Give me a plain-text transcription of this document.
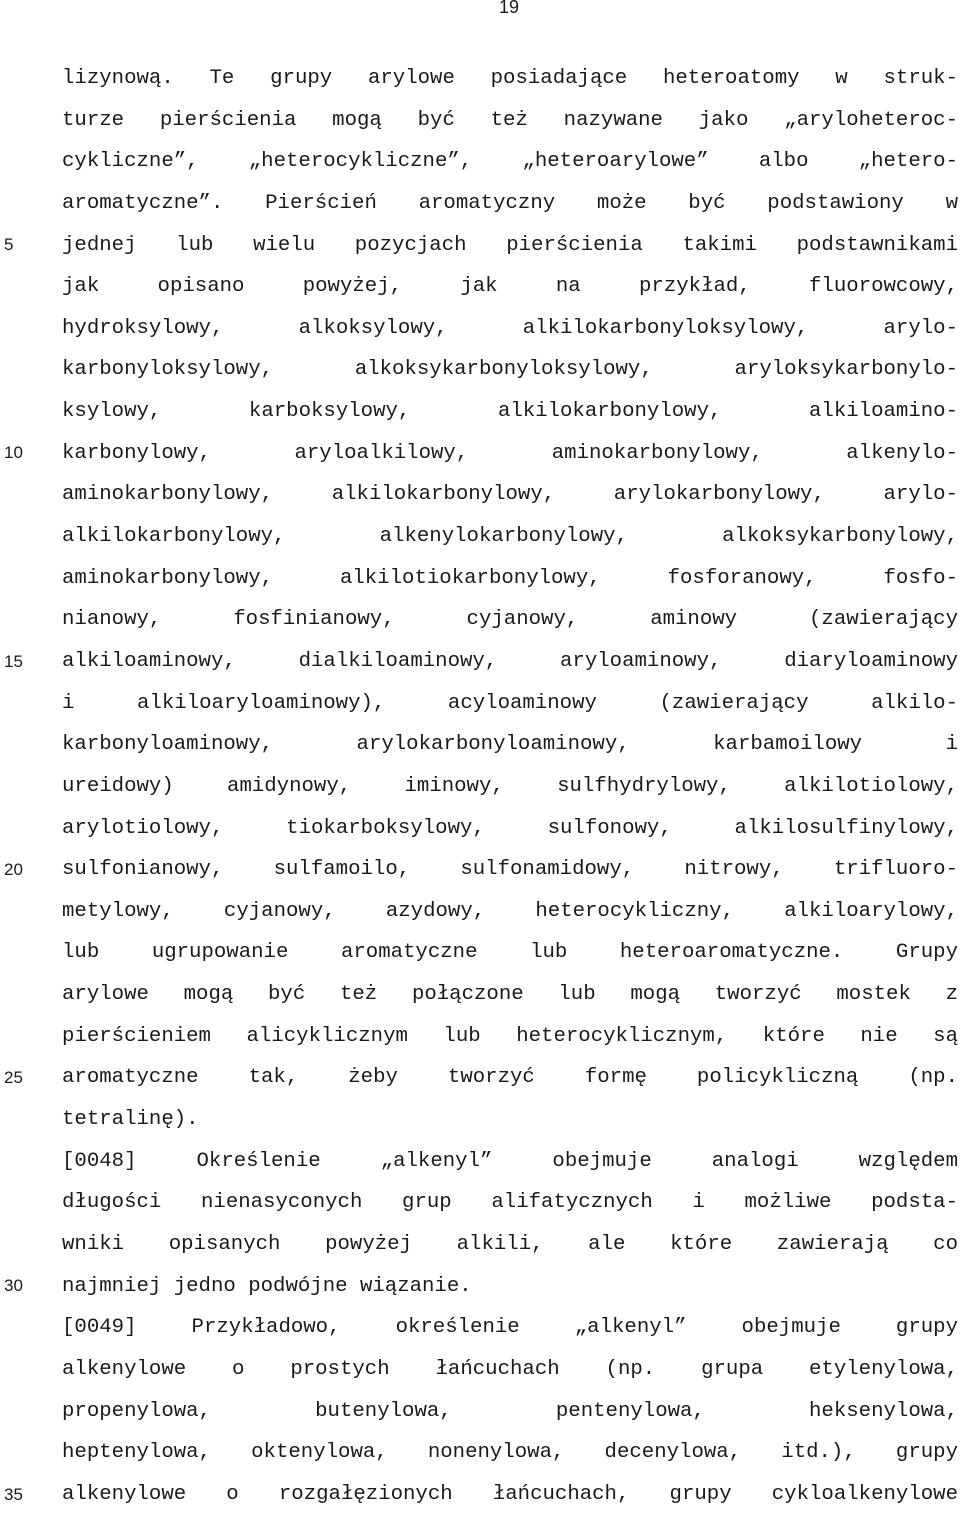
19
5
10
15
20
25
30
35
lizynową. Te grupy arylowe posiadające heteroatomy w struk-
turze pierścienia mogą być też nazywane jako „aryloheteroc-
cykliczne”, „heterocykliczne”, „heteroarylowe” albo „hetero-
aromatyczne”. Pierścień aromatyczny może być podstawiony w
jednej lub wielu pozycjach pierścienia takimi podstawnikami
jak opisano powyżej, jak na przykład, fluorowcowy,
hydroksylowy, alkoksylowy, alkilokarbonyloksylowy, arylo-
karbonyloksylowy, alkoksykarbonyloksylowy, aryloksykarbonylo-
ksylowy, karboksylowy, alkilokarbonylowy, alkiloamino-
karbonylowy, aryloalkilowy, aminokarbonylowy, alkenylo-
aminokarbonylowy, alkilokarbonylowy, arylokarbonylowy, arylo-
alkilokarbonylowy, alkenylokarbonylowy, alkoksykarbonylowy,
aminokarbonylowy, alkilotiokarbonylowy, fosforanowy, fosfo-
nianowy, fosfinianowy, cyjanowy, aminowy (zawierający
alkiloaminowy, dialkiloaminowy, aryloaminowy, diaryloaminowy
i alkiloaryloaminowy), acyloaminowy (zawierający alkilo-
karbonyloaminowy, arylokarbonyloaminowy, karbamoilowy i
ureidowy) amidynowy, iminowy, sulfhydrylowy, alkilotiolowy,
arylotiolowy, tiokarboksylowy, sulfonowy, alkilosulfinylowy,
sulfonianowy, sulfamoilo, sulfonamidowy, nitrowy, trifluoro-
metylowy, cyjanowy, azydowy, heterocykliczny, alkiloarylowy,
lub ugrupowanie aromatyczne lub heteroaromatyczne. Grupy
arylowe mogą być też połączone lub mogą tworzyć mostek z
pierścieniem alicyklicznym lub heterocyklicznym, które nie są
aromatyczne tak, żeby tworzyć formę policykliczną (np.
tetralinę).
[0048] Określenie „alkenyl” obejmuje analogi względem
długości nienasyconych grup alifatycznych i możliwe podsta-
wniki opisanych powyżej alkili, ale które zawierają co
najmniej jedno podwójne wiązanie.
[0049] Przykładowo, określenie „alkenyl” obejmuje grupy
alkenylowe o prostych łańcuchach (np. grupa etylenylowa,
propenylowa, butenylowa, pentenylowa, heksenylowa,
heptenylowa, oktenylowa, nonenylowa, decenylowa, itd.), grupy
alkenylowe o rozgałęzionych łańcuchach, grupy cykloalkenylowe
